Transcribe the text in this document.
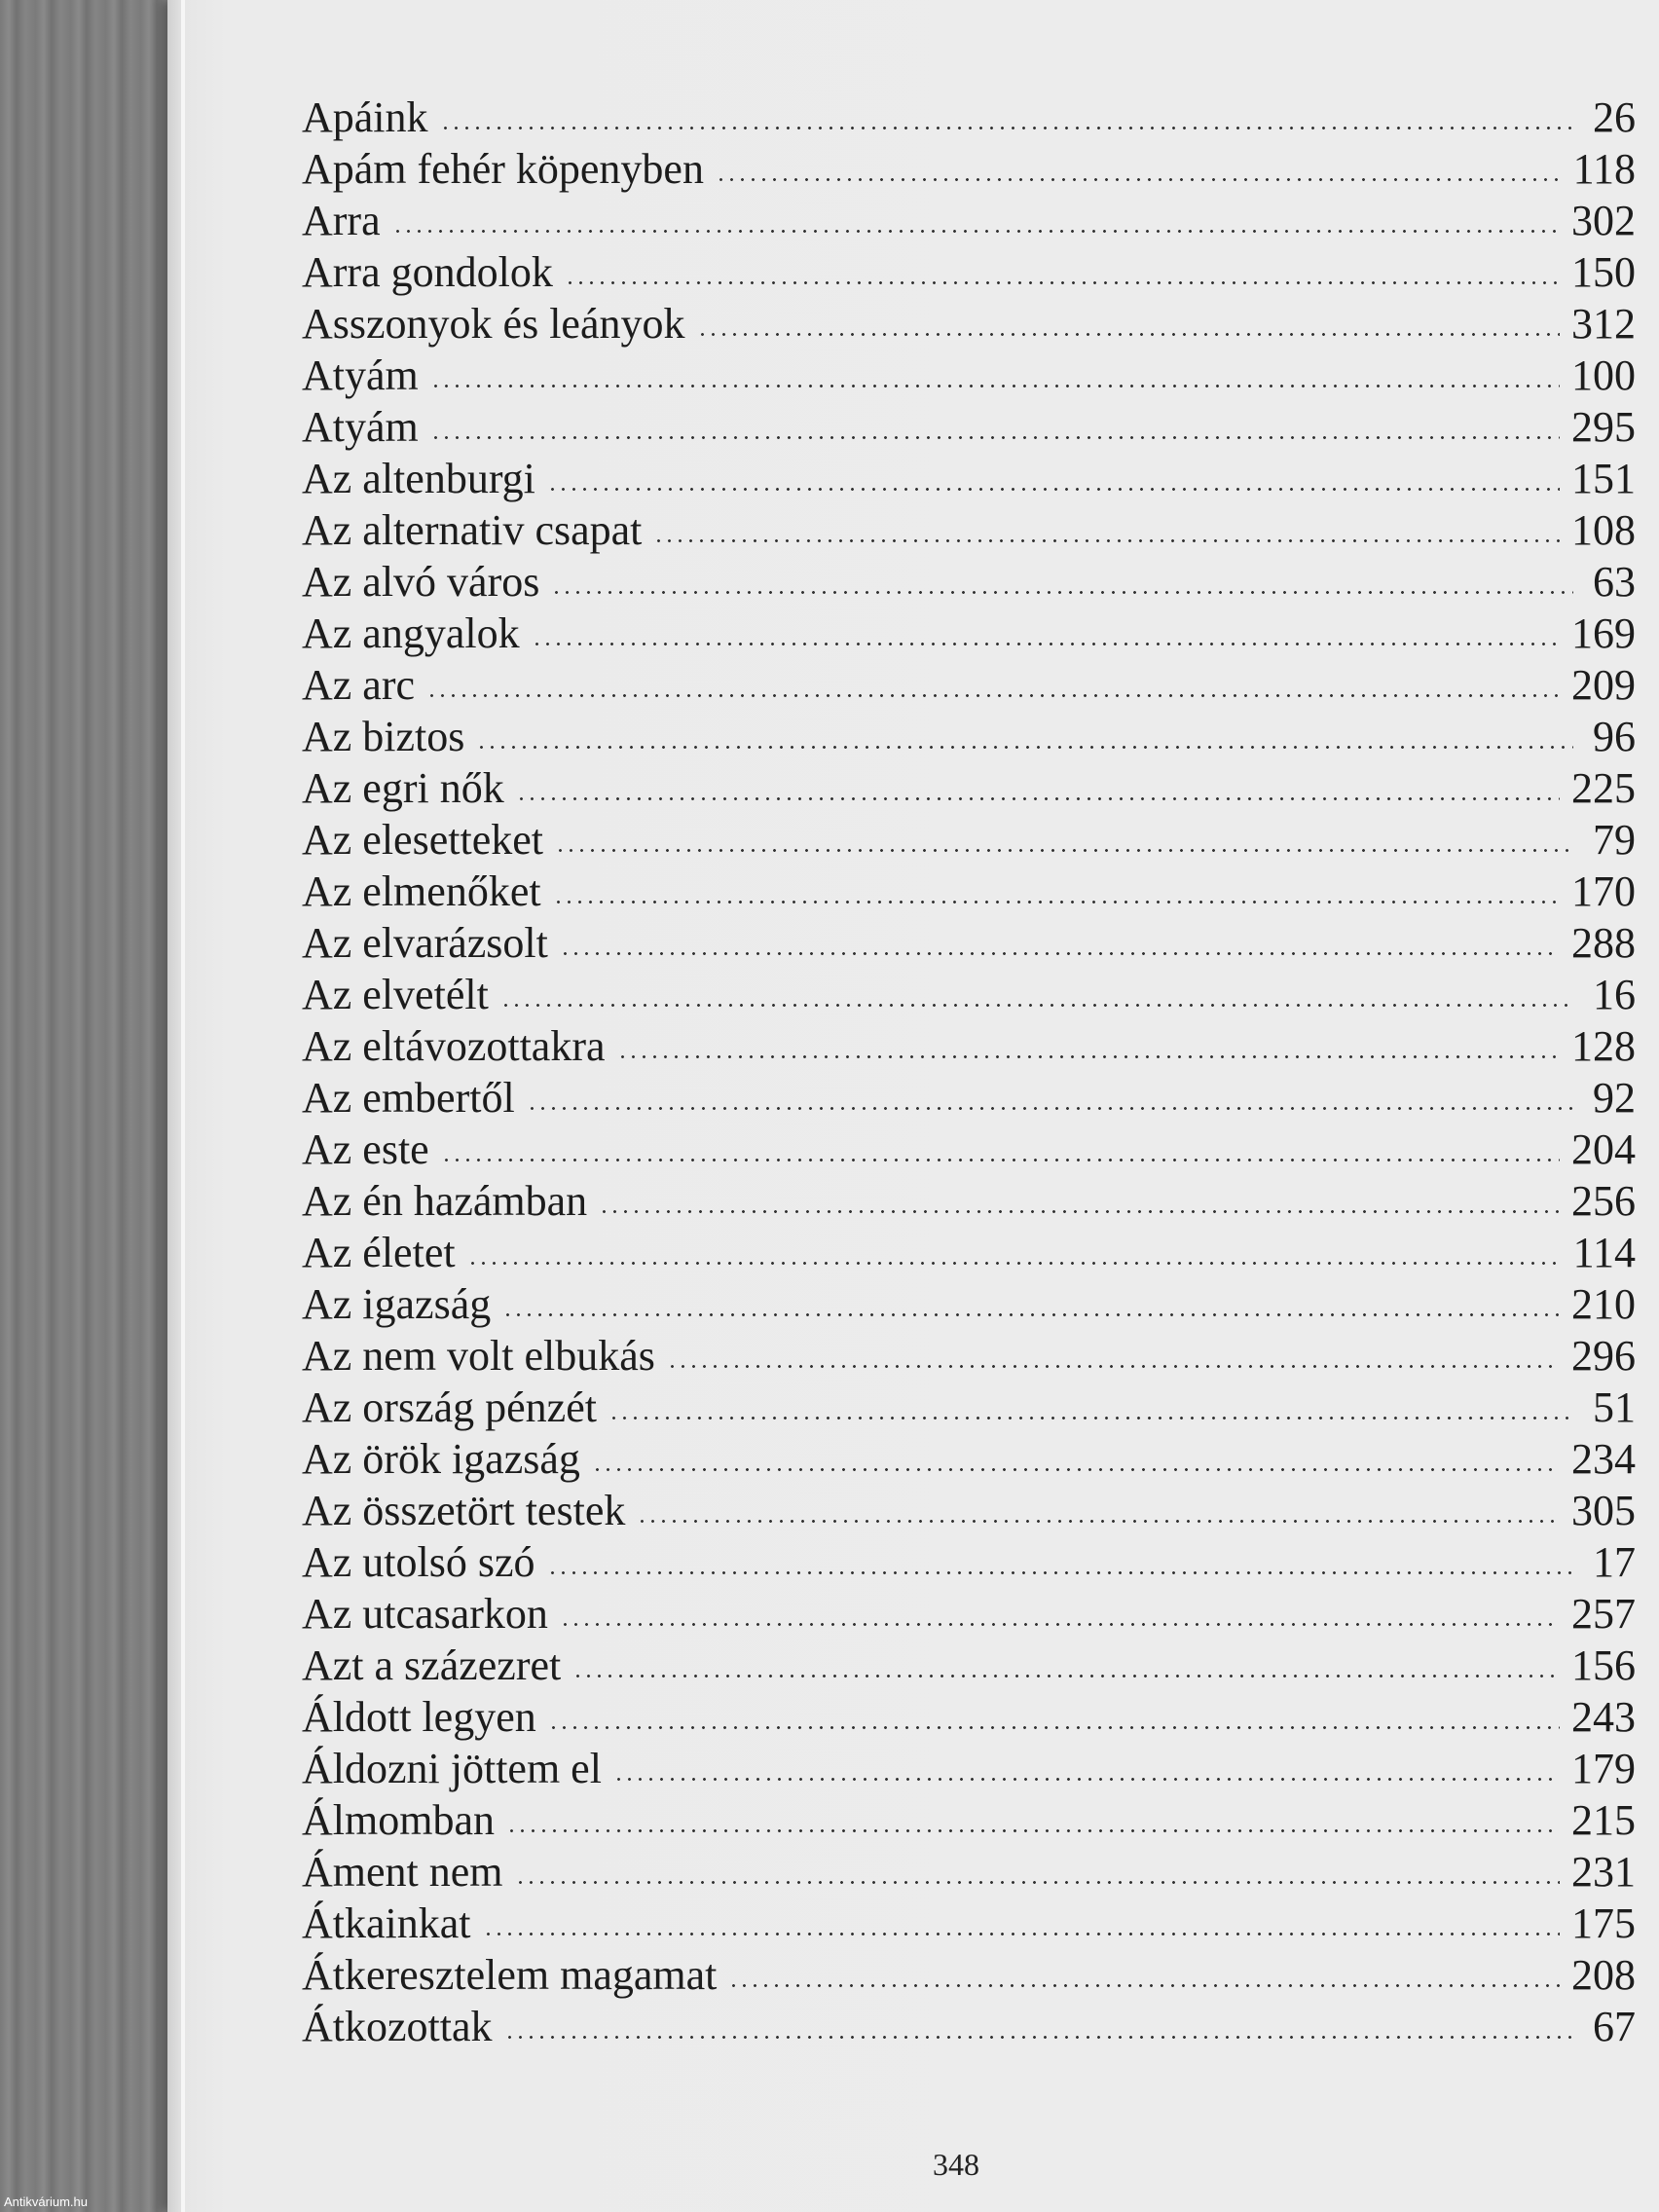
Apáink	26
Apám fehér köpenyben	118
Arra	302
Arra gondolok	150
Asszonyok és leányok	312
Atyám	100
Atyám	295
Az altenburgi	151
Az alternativ csapat	108
Az alvó város	63
Az angyalok	169
Az arc	209
Az biztos	96
Az egri nők	225
Az elesetteket	79
Az elmenőket	170
Az elvarázsolt	288
Az elvetélt	16
Az eltávozottakra	128
Az embertől	92
Az este	204
Az én hazámban	256
Az életet	114
Az igazság	210
Az nem volt elbukás	296
Az ország pénzét	51
Az örök igazság	234
Az összetört testek	305
Az utolsó szó	17
Az utcasarkon	257
Azt a százezret	156
Áldott legyen	243
Áldozni jöttem el	179
Álmomban	215
Áment nem	231
Átkainkat	175
Átkeresztelem magamat	208
Átkozottak	67
348
Antikvárium.hu
